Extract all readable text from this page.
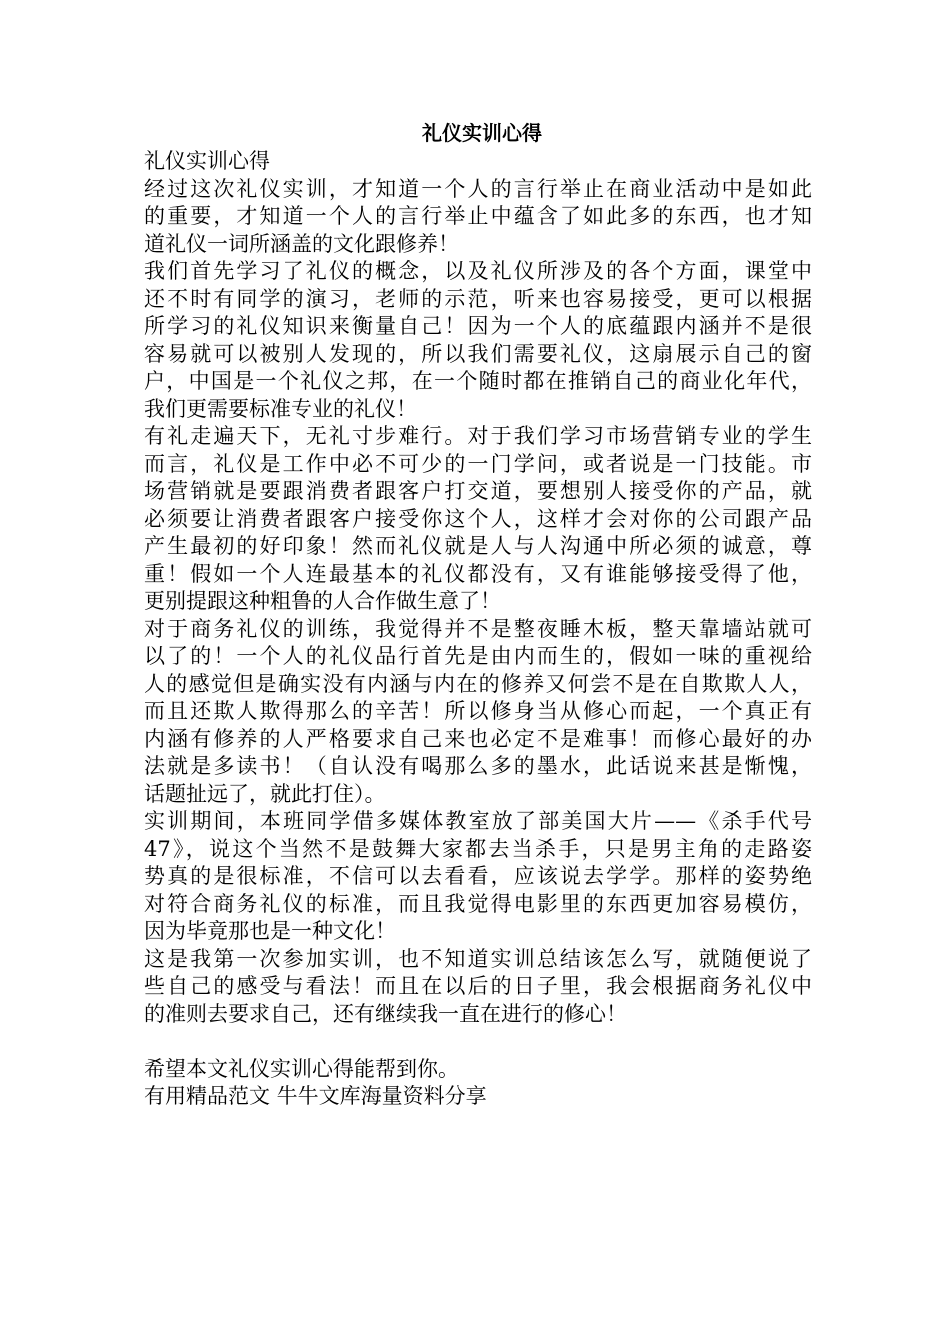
礼仪实训心得
礼仪实训心得
经过这次礼仪实训，才知道一个人的言行举止在商业活动中是如此
的重要，才知道一个人的言行举止中蕴含了如此多的东西，也才知
道礼仪一词所涵盖的文化跟修养！
我们首先学习了礼仪的概念，以及礼仪所涉及的各个方面，课堂中
还不时有同学的演习，老师的示范，听来也容易接受，更可以根据
所学习的礼仪知识来衡量自己！因为一个人的底蕴跟内涵并不是很
容易就可以被别人发现的，所以我们需要礼仪，这扇展示自己的窗
户，中国是一个礼仪之邦，在一个随时都在推销自己的商业化年代，
我们更需要标准专业的礼仪！
有礼走遍天下，无礼寸步难行。对于我们学习市场营销专业的学生
而言，礼仪是工作中必不可少的一门学问，或者说是一门技能。市
场营销就是要跟消费者跟客户打交道，要想别人接受你的产品，就
必须要让消费者跟客户接受你这个人，这样才会对你的公司跟产品
产生最初的好印象！然而礼仪就是人与人沟通中所必须的诚意，尊
重！假如一个人连最基本的礼仪都没有，又有谁能够接受得了他，
更别提跟这种粗鲁的人合作做生意了！
对于商务礼仪的训练，我觉得并不是整夜睡木板，整天靠墙站就可
以了的！一个人的礼仪品行首先是由内而生的，假如一味的重视给
人的感觉但是确实没有内涵与内在的修养又何尝不是在自欺欺人人，
而且还欺人欺得那么的辛苦！所以修身当从修心而起，一个真正有
内涵有修养的人严格要求自己来也必定不是难事！而修心最好的办
法就是多读书！（自认没有喝那么多的墨水，此话说来甚是惭愧，
话题扯远了，就此打住）。
实训期间，本班同学借多媒体教室放了部美国大片——《杀手代号
47》，说这个当然不是鼓舞大家都去当杀手，只是男主角的走路姿
势真的是很标准，不信可以去看看，应该说去学学。那样的姿势绝
对符合商务礼仪的标准，而且我觉得电影里的东西更加容易模仿，
因为毕竟那也是一种文化！
这是我第一次参加实训，也不知道实训总结该怎么写，就随便说了
些自己的感受与看法！而且在以后的日子里，我会根据商务礼仪中
的准则去要求自己，还有继续我一直在进行的修心！
希望本文礼仪实训心得能帮到你。
有用精品范文 牛牛文库海量资料分享
